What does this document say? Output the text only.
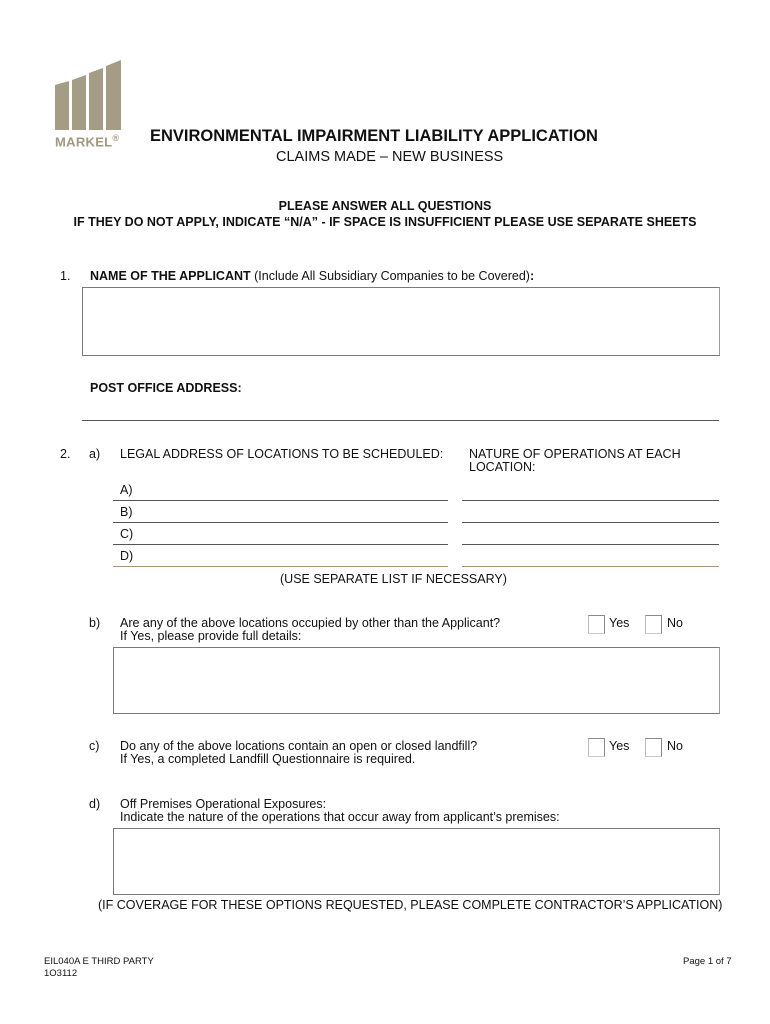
MARKEL® ENVIRONMENTAL IMPAIRMENT LIABILITY APPLICATION
CLAIMS MADE – NEW BUSINESS
PLEASE ANSWER ALL QUESTIONS
IF THEY DO NOT APPLY, INDICATE “N/A” - IF SPACE IS INSUFFICIENT PLEASE USE SEPARATE SHEETS
1. NAME OF THE APPLICANT (Include All Subsidiary Companies to be Covered):
POST OFFICE ADDRESS:
2. a) LEGAL ADDRESS OF LOCATIONS TO BE SCHEDULED: NATURE OF OPERATIONS AT EACH
LOCATION:
A)
B)
C)
D)
(USE SEPARATE LIST IF NECESSARY)
b) Are any of the above locations occupied by other than the Applicant?
If Yes, please provide full details:
Yes	No
c) Do any of the above locations contain an open or closed landfill?
If Yes, a completed Landfill Questionnaire is required.
Yes	No
d) Off Premises Operational Exposures:
Indicate the nature of the operations that occur away from applicant’s premises:
(IF COVERAGE FOR THESE OPTIONS REQUESTED, PLEASE COMPLETE CONTRACTOR’S APPLICATION)
EIL040A E THIRD PARTY
1O3112
Page 1 of 7
